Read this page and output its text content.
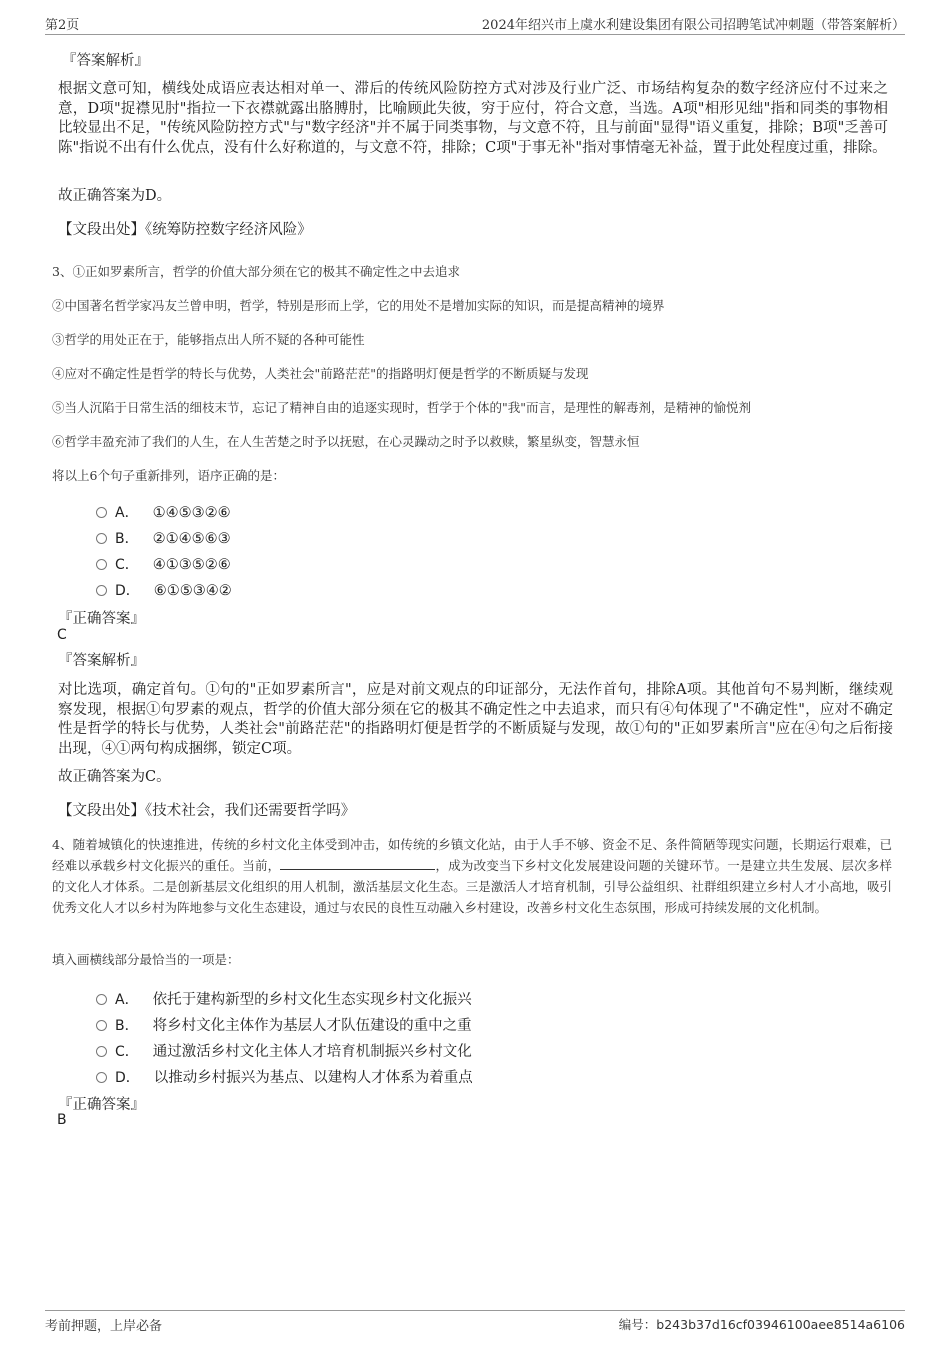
第2页	2024年绍兴市上虞水利建设集团有限公司招聘笔试冲刺题（带答案解析）
『答案解析』
根据文意可知，横线处成语应表达相对单一、滞后的传统风险防控方式对涉及行业广泛、市场结构复杂的数字经济应付不过来之意，D项"捉襟见肘"指拉一下衣襟就露出胳膊肘，比喻顾此失彼，穷于应付，符合文意，当选。A项"相形见绌"指和同类的事物相比较显出不足，"传统风险防控方式"与"数字经济"并不属于同类事物，与文意不符，且与前面"显得"语义重复，排除；B项"乏善可陈"指说不出有什么优点，没有什么好称道的，与文意不符，排除；C项"于事无补"指对事情毫无补益，置于此处程度过重，排除。
故正确答案为D。
【文段出处】《统筹防控数字经济风险》
3、①正如罗素所言，哲学的价值大部分须在它的极其不确定性之中去追求
②中国著名哲学家冯友兰曾申明，哲学，特别是形而上学，它的用处不是增加实际的知识，而是提高精神的境界
③哲学的用处正在于，能够指点出人所不疑的各种可能性
④应对不确定性是哲学的特长与优势，人类社会"前路茫茫"的指路明灯便是哲学的不断质疑与发现
⑤当人沉陷于日常生活的细枝末节，忘记了精神自由的追逐实现时，哲学于个体的"我"而言，是理性的解毒剂，是精神的愉悦剂
⑥哲学丰盈充沛了我们的人生，在人生苦楚之时予以抚慰，在心灵躁动之时予以救赎，繁星纵变，智慧永恒
将以上6个句子重新排列，语序正确的是：
A． ①④⑤③②⑥
B． ②①④⑤⑥③
C． ④①③⑤②⑥
D． ⑥①⑤③④②
『正确答案』
C
『答案解析』
对比选项，确定首句。①句的"正如罗素所言"，应是对前文观点的印证部分，无法作首句，排除A项。其他首句不易判断，继续观察发现，根据①句罗素的观点，哲学的价值大部分须在它的极其不确定性之中去追求，而只有④句体现了"不确定性"，应对不确定性是哲学的特长与优势，人类社会"前路茫茫"的指路明灯便是哲学的不断质疑与发现，故①句的"正如罗素所言"应在④句之后衔接出现，④①两句构成捆绑，锁定C项。
故正确答案为C。
【文段出处】《技术社会，我们还需要哲学吗》
4、随着城镇化的快速推进，传统的乡村文化主体受到冲击，如传统的乡镇文化站，由于人手不够、资金不足、条件简陋等现实问题，长期运行艰难，已经难以承载乡村文化振兴的重任。当前，	，成为改变当下乡村文化发展建设问题的关键环节。一是建立共生发展、层次多样的文化人才体系。二是创新基层文化组织的用人机制，激活基层文化生态。三是激活人才培育机制，引导公益组织、社群组织建立乡村人才小高地，吸引优秀文化人才以乡村为阵地参与文化生态建设，通过与农民的良性互动融入乡村建设，改善乡村文化生态氛围，形成可持续发展的文化机制。
填入画横线部分最恰当的一项是：
A． 依托于建构新型的乡村文化生态实现乡村文化振兴
B． 将乡村文化主体作为基层人才队伍建设的重中之重
C． 通过激活乡村文化主体人才培育机制振兴乡村文化
D． 以推动乡村振兴为基点、以建构人才体系为着重点
『正确答案』
B
考前押题，上岸必备	编号：b243b37d16cf03946100aee8514a6106
